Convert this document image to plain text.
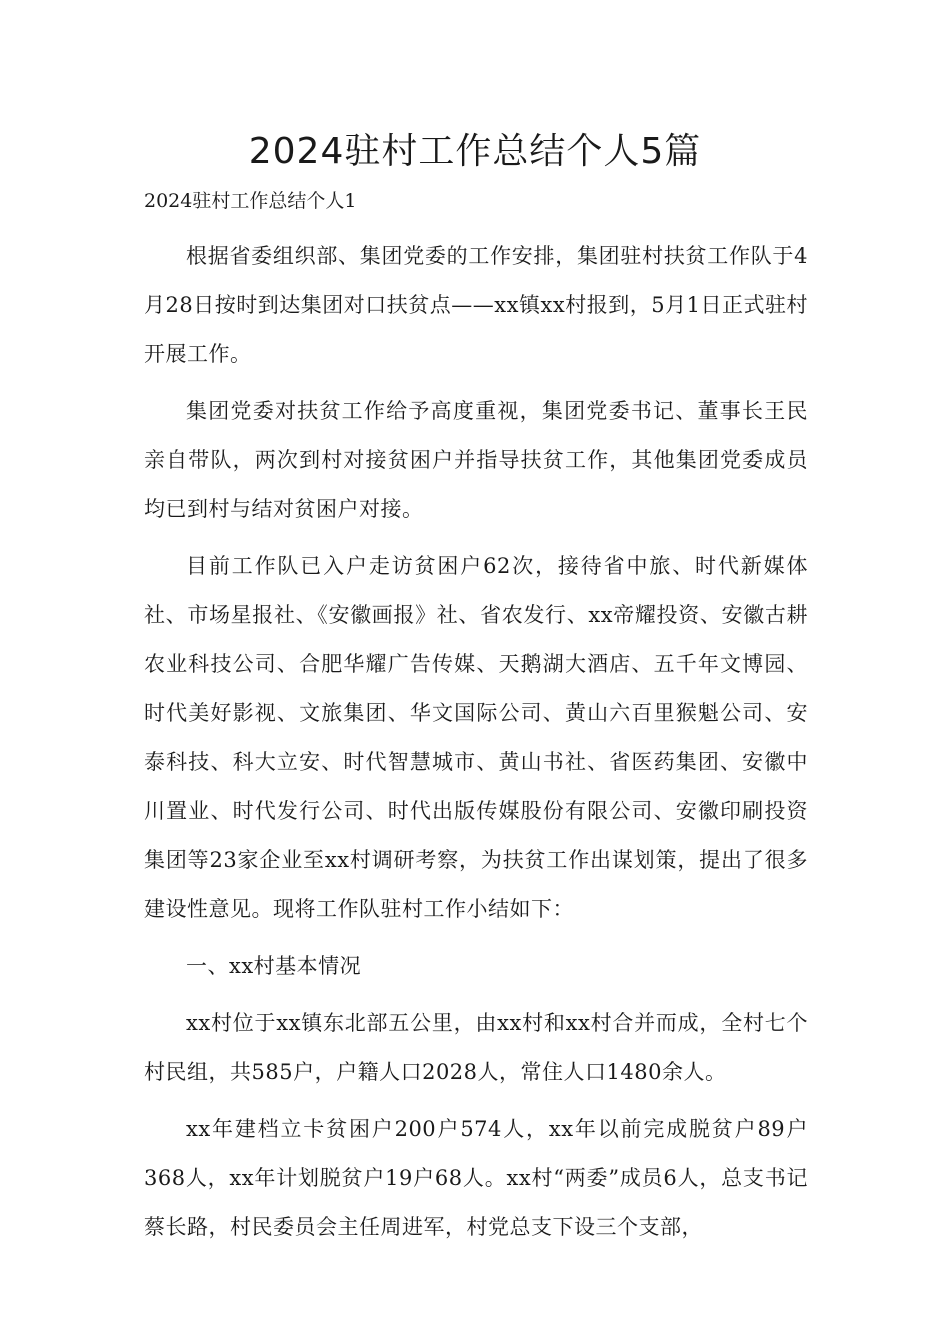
2024驻村工作总结个人5篇

2024驻村工作总结个人1

根据省委组织部、集团党委的工作安排，集团驻村扶贫工作队于4月28日按时到达集团对口扶贫点——xx镇xx村报到，5月1日正式驻村开展工作。

集团党委对扶贫工作给予高度重视，集团党委书记、董事长王民亲自带队，两次到村对接贫困户并指导扶贫工作，其他集团党委成员均已到村与结对贫困户对接。

目前工作队已入户走访贫困户62次，接待省中旅、时代新媒体社、市场星报社、《安徽画报》社、省农发行、xx帝耀投资、安徽古耕农业科技公司、合肥华耀广告传媒、天鹅湖大酒店、五千年文博园、时代美好影视、文旅集团、华文国际公司、黄山六百里猴魁公司、安泰科技、科大立安、时代智慧城市、黄山书社、省医药集团、安徽中川置业、时代发行公司、时代出版传媒股份有限公司、安徽印刷投资集团等23家企业至xx村调研考察，为扶贫工作出谋划策，提出了很多建设性意见。现将工作队驻村工作小结如下：

一、xx村基本情况

xx村位于xx镇东北部五公里，由xx村和xx村合并而成，全村七个村民组，共585户，户籍人口2028人，常住人口1480余人。

xx年建档立卡贫困户200户574人，xx年以前完成脱贫户89户368人，xx年计划脱贫户19户68人。xx村“两委”成员6人，总支书记蔡长路，村民委员会主任周进军，村党总支下设三个支部，
